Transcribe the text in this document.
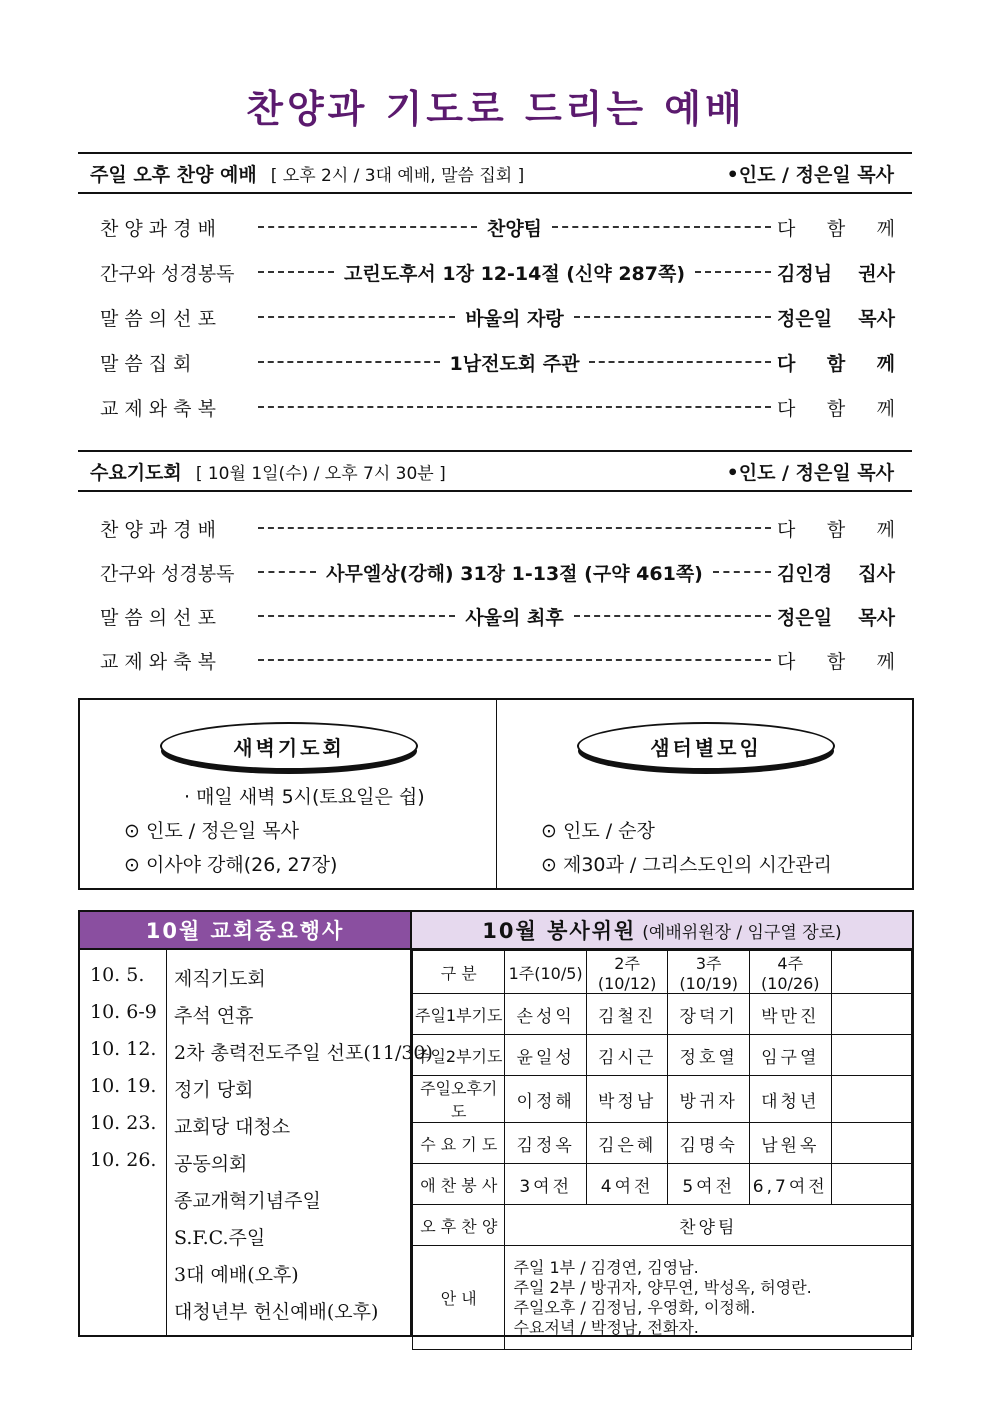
찬양과 기도로 드리는 예배
주일 오후 찬양 예배 [ 오후 2시 / 3대 예배, 말씀 집회 ]	•인도 / 정은일 목사
찬 양 과 경 배	찬양팀	다 함 께
간구와 성경봉독	고린도후서 1장 12-14절 (신약 287쪽)	김정님 권사
말 씀 의 선 포	바울의 자랑	정은일 목사
말 씀 집 회	1남전도회 주관	다 함 께
교 제 와 축 복	다 함 께
수요기도회 [ 10월 1일(수) / 오후 7시 30분 ]	•인도 / 정은일 목사
찬 양 과 경 배	다 함 께
간구와 성경봉독	사무엘상(강해) 31장 1-13절 (구약 461쪽)	김인경 집사
말 씀 의 선 포	사울의 최후	정은일 목사
교 제 와 축 복	다 함 께
새벽기도회
· 매일 새벽 5시(토요일은 쉽)
⊙ 인도 / 정은일 목사
⊙ 이사야 강해(26, 27장)
샘터별모임
⊙ 인도 / 순장
⊙ 제30과 / 그리스도인의 시간관리
10월 교회중요행사
10. 5. 제직기도회
10. 6-9 추석 연휴
10. 12. 2차 총력전도주일 선포(11/30)
10. 19. 정기 당회
10. 23. 교회당 대청소
10. 26. 공동의회
종교개혁기념주일
S.F.C.주일
3대 예배(오후)
대청년부 헌신예배(오후)
10월 봉사위원 (예배위원장 / 임구열 장로)
구 분	1주(10/5)	2주(10/12)	3주(10/19)	4주(10/26)	
주일1부기도	손성익	김철진	장덕기	박만진	
주일2부기도	윤일성	김시근	정호열	임구열	
주일오후기도	이정해	박정남	방귀자	대청년	
수 요 기 도	김정옥	김은혜	김명숙	남원옥	
애 찬 봉 사	3여전	4여전	5여전	6,7여전	
오 후 찬 양	찬양팀				
안 내	주일 1부 / 김경연, 김영남.
주일 2부 / 방귀자, 양무연, 박성옥, 허영란.
주일오후 / 김정님, 우영화, 이정해.
수요저녁 / 박정남, 전화자.				
